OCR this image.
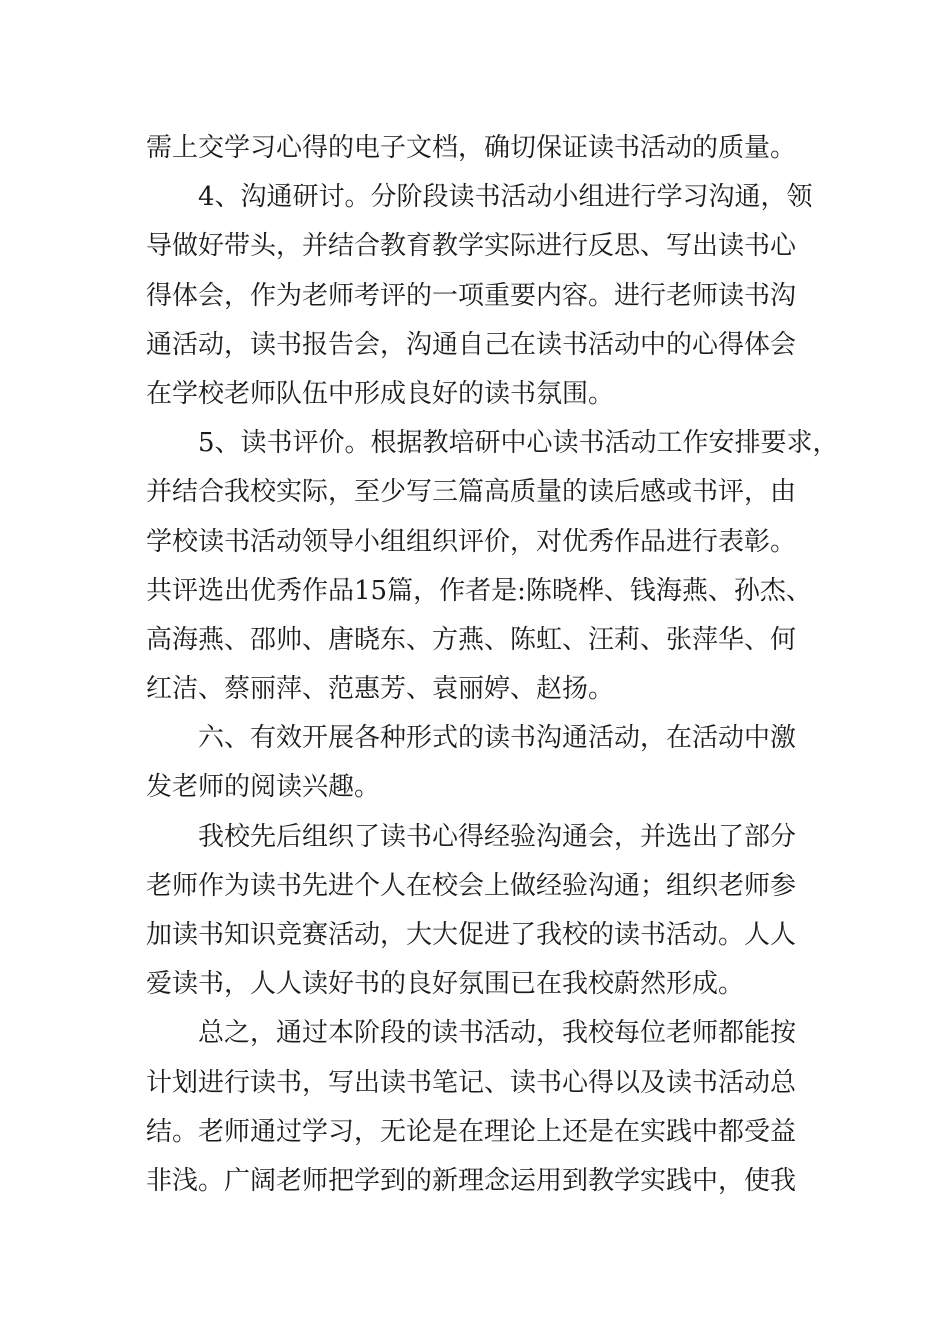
需上交学习心得的电子文档，确切保证读书活动的质量。
4、沟通研讨。分阶段读书活动小组进行学习沟通，领
导做好带头，并结合教育教学实际进行反思、写出读书心
得体会，作为老师考评的一项重要内容。进行老师读书沟
通活动，读书报告会，沟通自己在读书活动中的心得体会
在学校老师队伍中形成良好的读书氛围。
5、读书评价。根据教培研中心读书活动工作安排要求，
并结合我校实际，至少写三篇高质量的读后感或书评，由
学校读书活动领导小组组织评价，对优秀作品进行表彰。
共评选出优秀作品15篇，作者是:陈晓桦、钱海燕、孙杰、
高海燕、邵帅、唐晓东、方燕、陈虹、汪莉、张萍华、何
红洁、蔡丽萍、范惠芳、袁丽婷、赵扬。
六、有效开展各种形式的读书沟通活动，在活动中激
发老师的阅读兴趣。
我校先后组织了读书心得经验沟通会，并选出了部分
老师作为读书先进个人在校会上做经验沟通；组织老师参
加读书知识竞赛活动，大大促进了我校的读书活动。人人
爱读书，人人读好书的良好氛围已在我校蔚然形成。
总之，通过本阶段的读书活动，我校每位老师都能按
计划进行读书，写出读书笔记、读书心得以及读书活动总
结。老师通过学习，无论是在理论上还是在实践中都受益
非浅。广阔老师把学到的新理念运用到教学实践中，使我
